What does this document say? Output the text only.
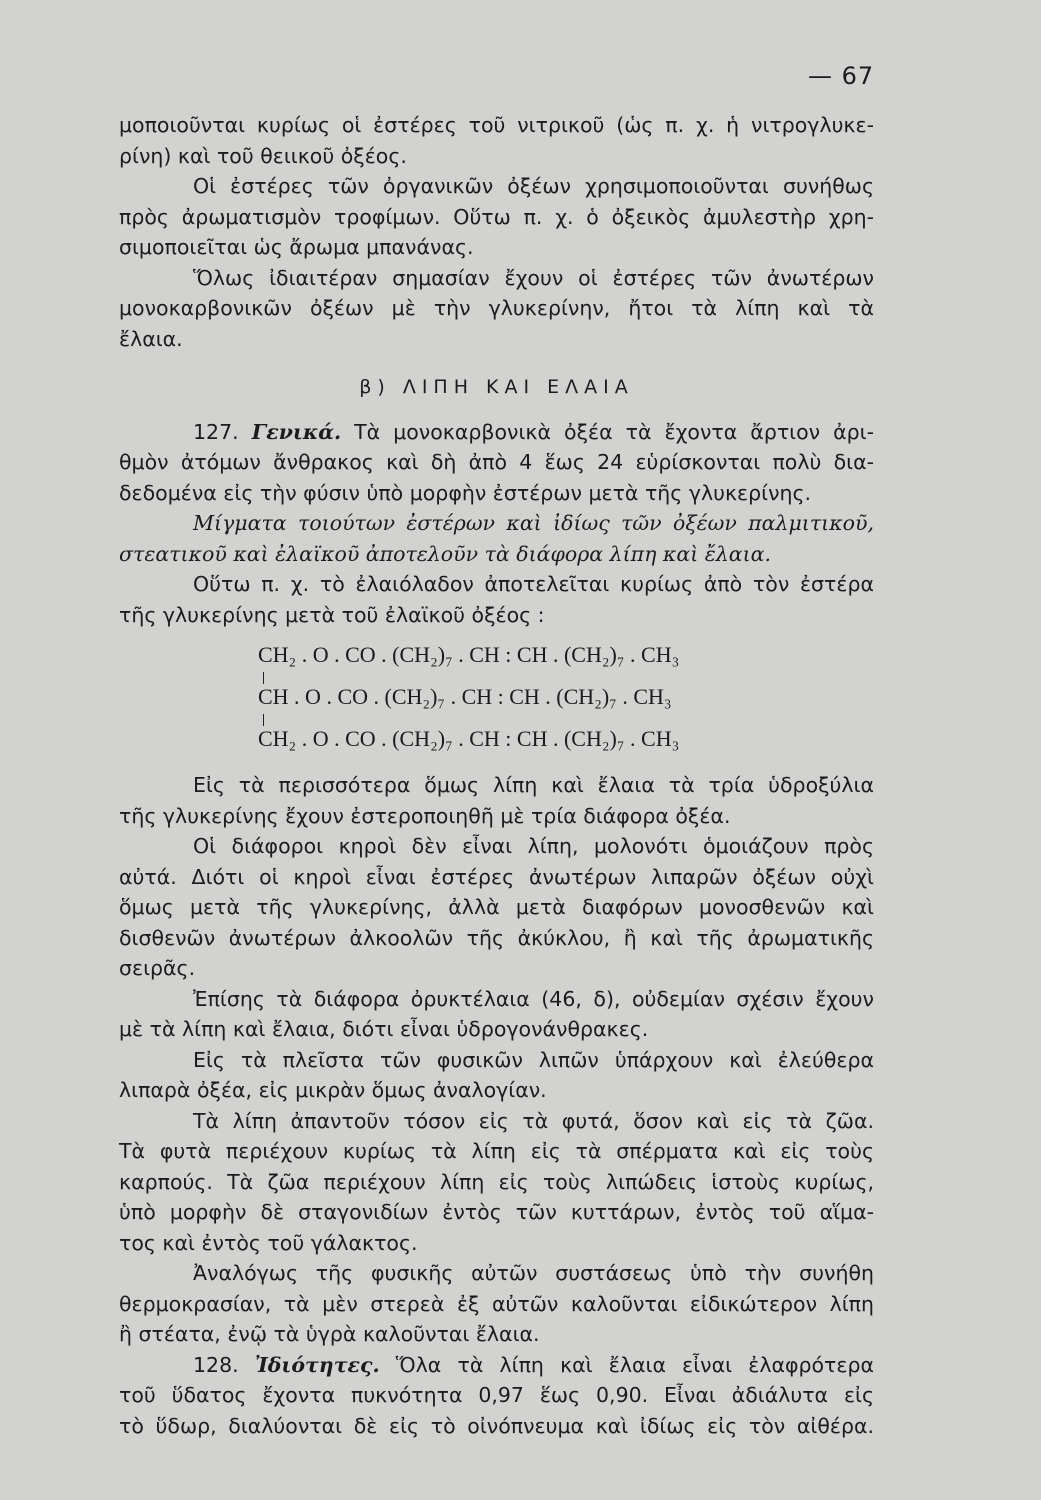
— 67

μοποιοῦνται κυρίως οἱ ἐστέρες τοῦ νιτρικοῦ (ὡς π. χ. ἡ νιτρογλυκε-

ρίνη) καὶ τοῦ θειικοῦ ὀξέος.

Οἱ ἐστέρες τῶν ὀργανικῶν ὀξέων χρησιμοποιοῦνται συνήθως

πρὸς ἀρωματισμὸν τροφίμων. Οὕτω π. χ. ὁ ὀξεικὸς ἀμυλεστὴρ χρη-

σιμοποιεῖται ὡς ἄρωμα μπανάνας.

Ὅλως ἰδιαιτέραν σημασίαν ἔχουν οἱ ἐστέρες τῶν ἀνωτέρων

μονοκαρβονικῶν ὀξέων μὲ τὴν γλυκερίνην, ἤτοι τὰ λίπη καὶ τὰ

ἔλαια.

β) ΛΙΠΗ ΚΑΙ ΕΛΑΙΑ

127. Γενικά. Τὰ μονοκαρβονικὰ ὀξέα τὰ ἔχοντα ἄρτιον ἀρι-

θμὸν ἀτόμων ἄνθρακος καὶ δὴ ἀπὸ 4 ἕως 24 εὑρίσκονται πολὺ δια-

δεδομένα εἰς τὴν φύσιν ὑπὸ μορφὴν ἐστέρων μετὰ τῆς γλυκερίνης.

Μίγματα τοιούτων ἐστέρων καὶ ἰδίως τῶν ὀξέων παλμιτικοῦ,

στεατικοῦ καὶ ἐλαϊκοῦ ἀποτελοῦν τὰ διάφορα λίπη καὶ ἔλαια.

Οὕτω π. χ. τὸ ἐλαιόλαδον ἀποτελεῖται κυρίως ἀπὸ τὸν ἐστέρα

τῆς γλυκερίνης μετὰ τοῦ ἐλαϊκοῦ ὀξέος :

CH₂ . O . CO . (CH₂)₇ . CH : CH . (CH₂)₇ . CH₃
CH . O . CO . (CH₂)₇ . CH : CH . (CH₂)₇ . CH₃
CH₂ . O . CO . (CH₂)₇ . CH : CH . (CH₂)₇ . CH₃

Εἰς τὰ περισσότερα ὅμως λίπη καὶ ἔλαια τὰ τρία ὑδροξύλια

τῆς γλυκερίνης ἔχουν ἐστεροποιηθῆ μὲ τρία διάφορα ὀξέα.

Οἱ διάφοροι κηροὶ δὲν εἶναι λίπη, μολονότι ὁμοιάζουν πρὸς

αὐτά. Διότι οἱ κηροὶ εἶναι ἐστέρες ἀνωτέρων λιπαρῶν ὀξέων οὐχὶ

ὅμως μετὰ τῆς γλυκερίνης, ἀλλὰ μετὰ διαφόρων μονοσθενῶν καὶ

δισθενῶν ἀνωτέρων ἀλκοολῶν τῆς ἀκύκλου, ἢ καὶ τῆς ἀρωματικῆς

σειρᾶς.

Ἐπίσης τὰ διάφορα ὀρυκτέλαια (46, δ), οὐδεμίαν σχέσιν ἔχουν

μὲ τὰ λίπη καὶ ἔλαια, διότι εἶναι ὑδρογονάνθρακες.

Εἰς τὰ πλεῖστα τῶν φυσικῶν λιπῶν ὑπάρχουν καὶ ἐλεύθερα

λιπαρὰ ὀξέα, εἰς μικρὰν ὅμως ἀναλογίαν.

Τὰ λίπη ἀπαντοῦν τόσον εἰς τὰ φυτά, ὅσον καὶ εἰς τὰ ζῶα.

Τὰ φυτὰ περιέχουν κυρίως τὰ λίπη εἰς τὰ σπέρματα καὶ εἰς τοὺς

καρπούς. Τὰ ζῶα περιέχουν λίπη εἰς τοὺς λιπώδεις ἱστοὺς κυρίως,

ὑπὸ μορφὴν δὲ σταγονιδίων ἐντὸς τῶν κυττάρων, ἐντὸς τοῦ αἵμα-

τος καὶ ἐντὸς τοῦ γάλακτος.

Ἀναλόγως τῆς φυσικῆς αὐτῶν συστάσεως ὑπὸ τὴν συνήθη

θερμοκρασίαν, τὰ μὲν στερεὰ ἐξ αὐτῶν καλοῦνται εἰδικώτερον λίπη

ἢ στέατα, ἐνῷ τὰ ὑγρὰ καλοῦνται ἔλαια.

128. Ἰδιότητες. Ὅλα τὰ λίπη καὶ ἔλαια εἶναι ἐλαφρότερα

τοῦ ὕδατος ἔχοντα πυκνότητα 0,97 ἕως 0,90. Εἶναι ἀδιάλυτα εἰς

τὸ ὕδωρ, διαλύονται δὲ εἰς τὸ οἰνόπνευμα καὶ ἰδίως εἰς τὸν αἰθέρα.
